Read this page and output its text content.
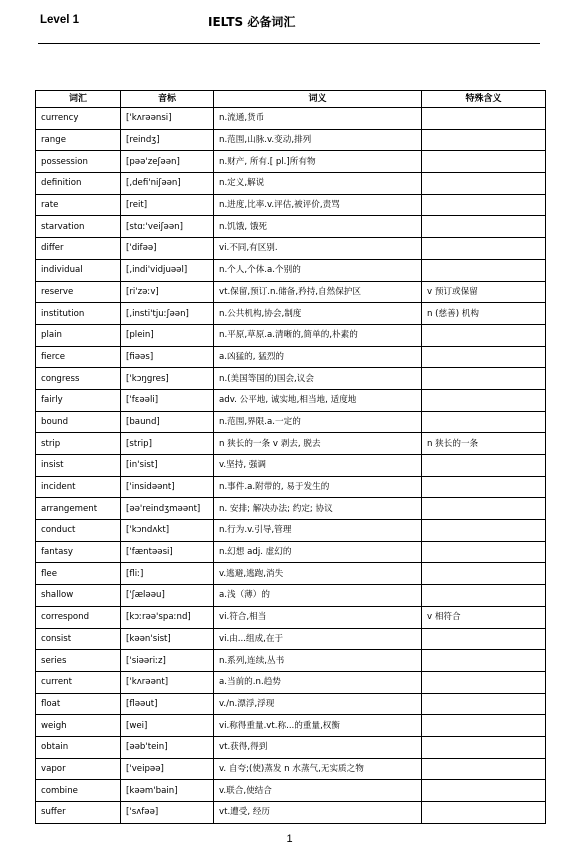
Level 1	IELTS 必备词汇
词汇	音标	词义	特殊含义
currency	['kʌrəənsi]	n.流通,货币	
range	[reindʒ]	n.范围,山脉.v.变动,排列	
possession	[pəə'zeʃəən]	n.财产, 所有.[ pl.]所有物	
definition	[,defi'niʃəən]	n.定义,解说	
rate	[reit]	n.进度,比率.v.评估,被评价,责骂	
starvation	[stɑː'veiʃəən]	n.饥饿, 饿死	
differ	['difəə]	vi.不同,有区别.	
individual	[,indi'vidjuəəl]	n.个人,个体.a.个别的	
reserve	[ri'zəːv]	vt.保留,预订.n.储备,矜持,自然保护区	v 预订或保留
institution	[,insti'tjuːʃəən]	n.公共机构,协会,制度	n (慈善) 机构
plain	[plein]	n.平原,草原.a.清晰的,简单的,朴素的	
fierce	[fiəəs]	a.凶猛的, 猛烈的	
congress	['kɔŋgres]	n.(美国等国的)国会,议会	
fairly	['fɛəəli]	adv. 公平地, 诚实地,相当地, 适度地	
bound	[baund]	n.范围,界限.a.一定的	
strip	[strip]	n 狭长的一条 v 剥去, 脱去	n 狭长的一条
insist	[in'sist]	v.坚持, 强调	
incident	['insidəənt]	n.事件.a.附带的, 易于发生的	
arrangement	[əə'reindʒməənt]	n. 安排; 解决办法; 约定; 协议	
conduct	['kɔndʌkt]	n.行为.v.引导,管理	
fantasy	['fæntəəsi]	n.幻想 adj. 虚幻的	
flee	[fliː]	v.逃避,逃跑,消失	
shallow	['ʃæləəu]	a.浅（薄）的	
correspond	[kɔːrəə'spaːnd]	vi.符合,相当	v 相符合
consist	[kəən'sist]	vi.由...组成,在于	
series	['siəəriːz]	n.系列,连续,丛书	
current	['kʌrəənt]	a.当前的.n.趋势	
float	[fləəut]	v./n.漂浮,浮现	
weigh	[wei]	vi.称得重量.vt.称...的重量,权衡	
obtain	[əəb'tein]	vt.获得,得到	
vapor	['veipəə]	v. 自夸;(使)蒸发 n 水蒸气,无实质之物	
combine	[kəəm'bain]	v.联合,使结合	
suffer	['sʌfəə]	vt.遭受, 经历	
1
